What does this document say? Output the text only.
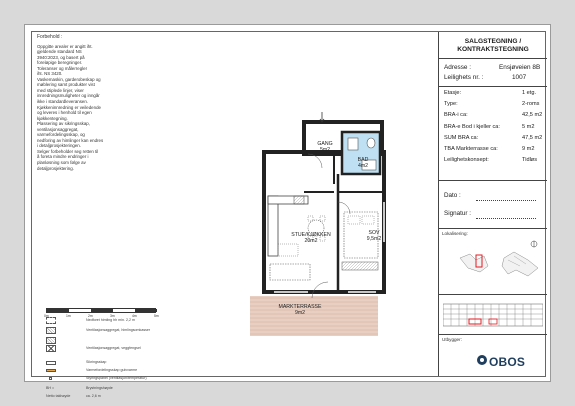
Forbehold :
Oppgitte arealer er angitt iht.
gjeldende standard NS
3940:2023, og basert på
foreløpige beregninger.
Toleranser og målerregler
iht. NS 3420.
Vaskemaskin, garderobeskap og
møblering samt produkter vist
med stiplede linjer, viser
innredningsmuligheter og inngår
ikke i standardleveransen.
Kjøkkeninnredning er veiledende
og leveres i henhold til egen
kjøkkentegning.
Plassering av sikringsskap,
ventilasjonsaggregat,
varmefordelingsskap, og
nedforing av himlinger kan endres
i detaljprosjekteringen.
Selger forbeholder seg retten til
å foreta mindre endringer i
planløsning som følge av
detaljprosjektering.
0m	1m	2m	3m	4m	5m
Nedforet himling hh min. 2,2 m
Ventilasjonsaggregat, himlingsomkasser
Ventilasjonsaggregat, veggfengsel
Sikringsskap
Varmefordelingsskap gulvvarme
Styringspanel (ventilasjon/temperatur)
BH =	Brystningshøyde
Netto takhøyde	ca. 2,6 m
GANG
5m2
BAD
4m2
STUE/KJØKKEN
20m2
SOV
9,5m2
MARKTERRASSE
9m2
SALGSTEGNING /
KONTRAKTSTEGNING
Adresse :	Ensjøveien 8B
Leilighets nr. :	1007
Etasje:	1 etg.
Type:	2-roms
BRA-i ca:	42,5 m2
BRA-e Bod i kjeller ca:	5 m2
SUM BRA ca:	47,5 m2
TBA Markterrasse ca:	9 m2
Leilighetskonsept:	Tidløs
Dato :
Signatur :
Lokalisering:
Utbygger:
OBOS
